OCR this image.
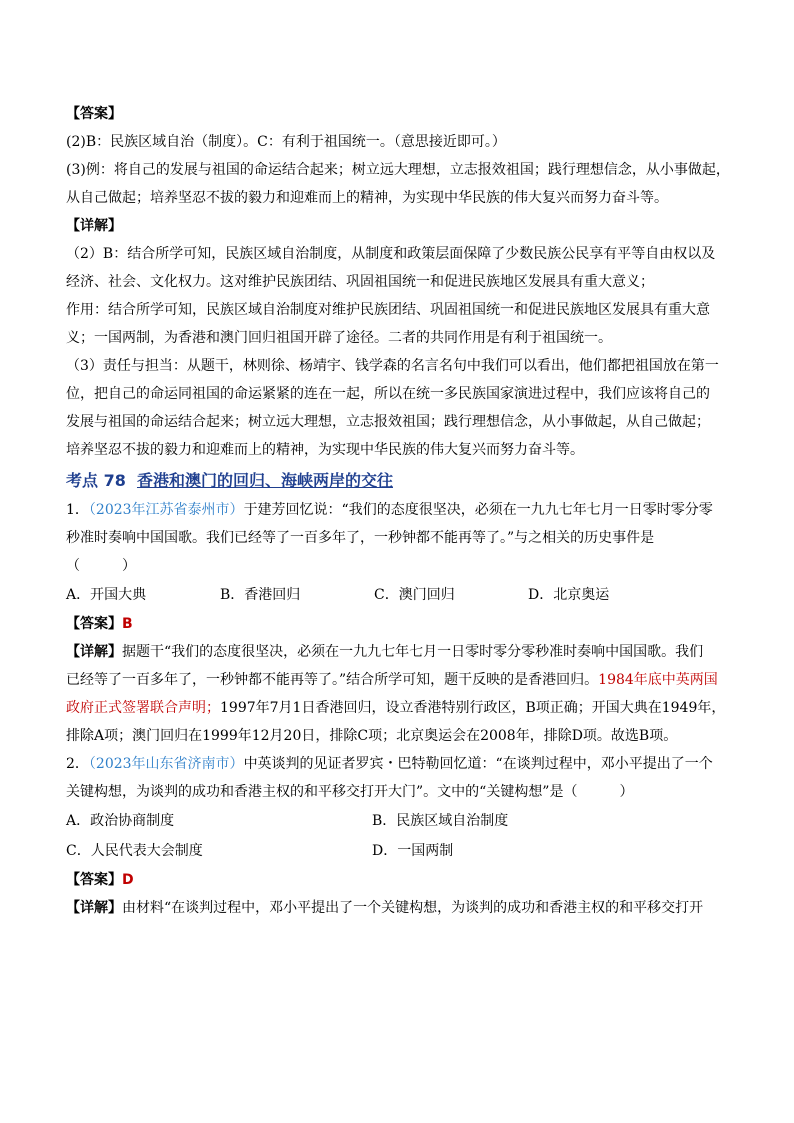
【答案】
(2)B：民族区域自治（制度）。C：有利于祖国统一。（意思接近即可。）
(3)例：将自己的发展与祖国的命运结合起来；树立远大理想，立志报效祖国；践行理想信念，从小事做起，
从自己做起；培养坚忍不拔的毅力和迎难而上的精神，为实现中华民族的伟大复兴而努力奋斗等。
【详解】
（2）B：结合所学可知，民族区域自治制度，从制度和政策层面保障了少数民族公民享有平等自由权以及
经济、社会、文化权力。这对维护民族团结、巩固祖国统一和促进民族地区发展具有重大意义；
作用：结合所学可知，民族区域自治制度对维护民族团结、巩固祖国统一和促进民族地区发展具有重大意
义；一国两制，为香港和澳门回归祖国开辟了途径。二者的共同作用是有利于祖国统一。
（3）责任与担当：从题干，林则徐、杨靖宇、钱学森的名言名句中我们可以看出，他们都把祖国放在第一
位，把自己的命运同祖国的命运紧紧的连在一起，所以在统一多民族国家演进过程中，我们应该将自己的
发展与祖国的命运结合起来；树立远大理想，立志报效祖国；践行理想信念，从小事做起，从自己做起；
培养坚忍不拔的毅力和迎难而上的精神，为实现中华民族的伟大复兴而努力奋斗等。
考点 78 香港和澳门的回归、海峡两岸的交往
1．（2023年江苏省泰州市）于建芳回忆说：“我们的态度很坚决，必须在一九九七年七月一日零时零分零
秒准时奏响中国国歌。我们已经等了一百多年了，一秒钟都不能再等了。”与之相关的历史事件是
（　　　）
A．开国大典	B．香港回归	C．澳门回归	D．北京奥运
【答案】B
【详解】据题干“我们的态度很坚决，必须在一九九七年七月一日零时零分零秒准时奏响中国国歌。我们
已经等了一百多年了，一秒钟都不能再等了。”结合所学可知，题干反映的是香港回归。1984年底中英两国
政府正式签署联合声明；1997年7月1日香港回归，设立香港特别行政区，B项正确；开国大典在1949年，
排除A项；澳门回归在1999年12月20日，排除C项；北京奥运会在2008年，排除D项。故选B项。
2．（2023年山东省济南市）中英谈判的见证者罗宾・巴特勒回忆道：“在谈判过程中，邓小平提出了一个
关键构想，为谈判的成功和香港主权的和平移交打开大门”。文中的“关键构想”是（　　　）
A．政治协商制度	B．民族区域自治制度
C．人民代表大会制度	D．一国两制
【答案】D
【详解】由材料“在谈判过程中，邓小平提出了一个关键构想，为谈判的成功和香港主权的和平移交打开
